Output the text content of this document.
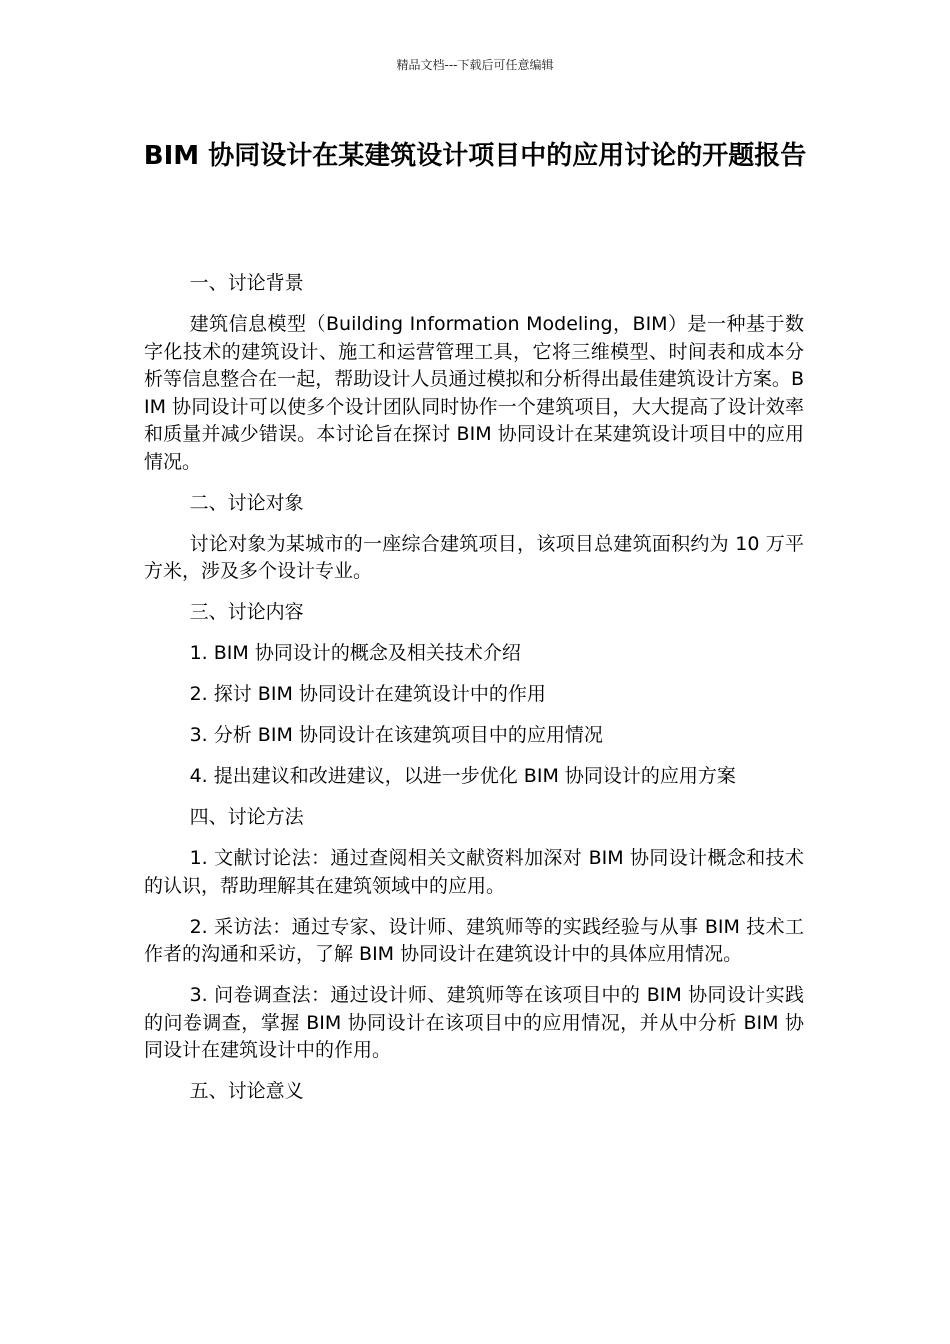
精品文档---下载后可任意编辑
BIM 协同设计在某建筑设计项目中的应用讨论的开题报告

一、讨论背景

建筑信息模型（Building Information Modeling，BIM）是一种基于数字化技术的建筑设计、施工和运营管理工具，它将三维模型、时间表和成本分析等信息整合在一起，帮助设计人员通过模拟和分析得出最佳建筑设计方案。BIM 协同设计可以使多个设计团队同时协作一个建筑项目，大大提高了设计效率和质量并减少错误。本讨论旨在探讨 BIM 协同设计在某建筑设计项目中的应用情况。

二、讨论对象

讨论对象为某城市的一座综合建筑项目，该项目总建筑面积约为 10 万平方米，涉及多个设计专业。

三、讨论内容

1. BIM 协同设计的概念及相关技术介绍

2. 探讨 BIM 协同设计在建筑设计中的作用

3. 分析 BIM 协同设计在该建筑项目中的应用情况

4. 提出建议和改进建议，以进一步优化 BIM 协同设计的应用方案

四、讨论方法

1. 文献讨论法：通过查阅相关文献资料加深对 BIM 协同设计概念和技术的认识，帮助理解其在建筑领域中的应用。

2. 采访法：通过专家、设计师、建筑师等的实践经验与从事 BIM 技术工作者的沟通和采访，了解 BIM 协同设计在建筑设计中的具体应用情况。

3. 问卷调查法：通过设计师、建筑师等在该项目中的 BIM 协同设计实践的问卷调查，掌握 BIM 协同设计在该项目中的应用情况，并从中分析 BIM 协同设计在建筑设计中的作用。

五、讨论意义
